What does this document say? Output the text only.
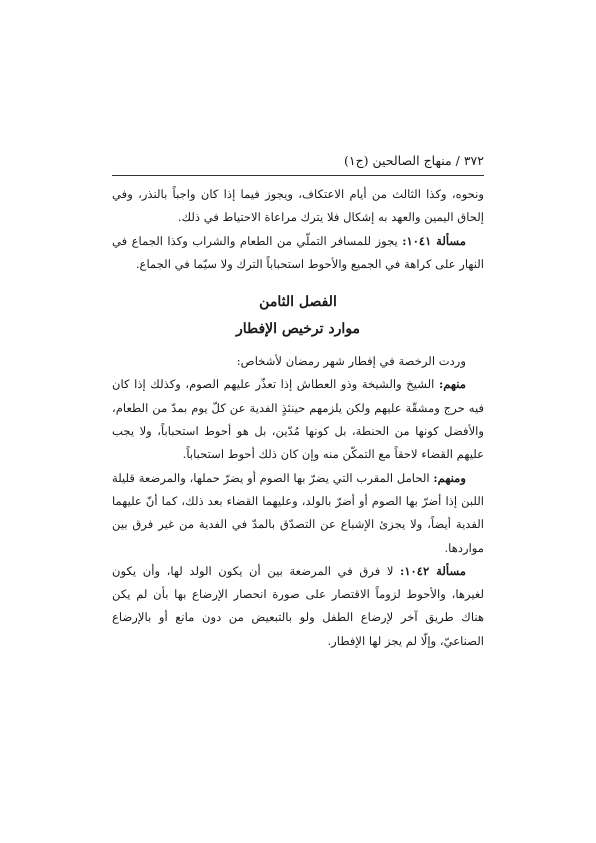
٣٧٢ / منهاج الصالحين (ج١)

ونحوه، وكذا الثالث من أيام الاعتكاف، ويجوز فيما إذا كان واجباً بالنذر، وفي إلحاق اليمين والعهد به إشكال فلا يترك مراعاة الاحتياط في ذلك.

مسألة ١٠٤١: يجوز للمسافر التملّي من الطعام والشراب وكذا الجماع في النهار على كراهة في الجميع والأحوط استحباباً الترك ولا سيّما في الجماع.

الفصل الثامن
موارد ترخيص الإفطار

وردت الرخصة في إفطار شهر رمضان لأشخاص:

منهم: الشيخ والشيخة وذو العطاش إذا تعذّر عليهم الصوم، وكذلك إذا كان فيه حرج ومشقّة عليهم ولكن يلزمهم حينئذٍ الفدية عن كلّ يوم بمدّ من الطعام، والأفضل كونها من الحنطة، بل كونها مُدّين، بل هو أحوط استحباباً، ولا يجب عليهم القضاء لاحقاً مع التمكّن منه وإن كان ذلك أحوط استحباباً.

ومنهم: الحامل المقرب التي يضرّ بها الصوم أو يضرّ حملها، والمرضعة قليلة اللبن إذا أضرّ بها الصوم أو أضرّ بالولد، وعليهما القضاء بعد ذلك، كما أنّ عليهما الفدية أيضاً، ولا يجزئ الإشباع عن التصدّق بالمدّ في الفدية من غير فرق بين مواردها.

مسألة ١٠٤٢: لا فرق في المرضعة بين أن يكون الولد لها، وأن يكون لغيرها، والأحوط لزوماً الاقتصار على صورة انحصار الإرضاع بها بأن لم يكن هناك طريق آخر لإرضاع الطفل ولو بالتبعيض من دون مانع أو بالإرضاع الصناعيّ، وإلّا لم يجز لها الإفطار.
